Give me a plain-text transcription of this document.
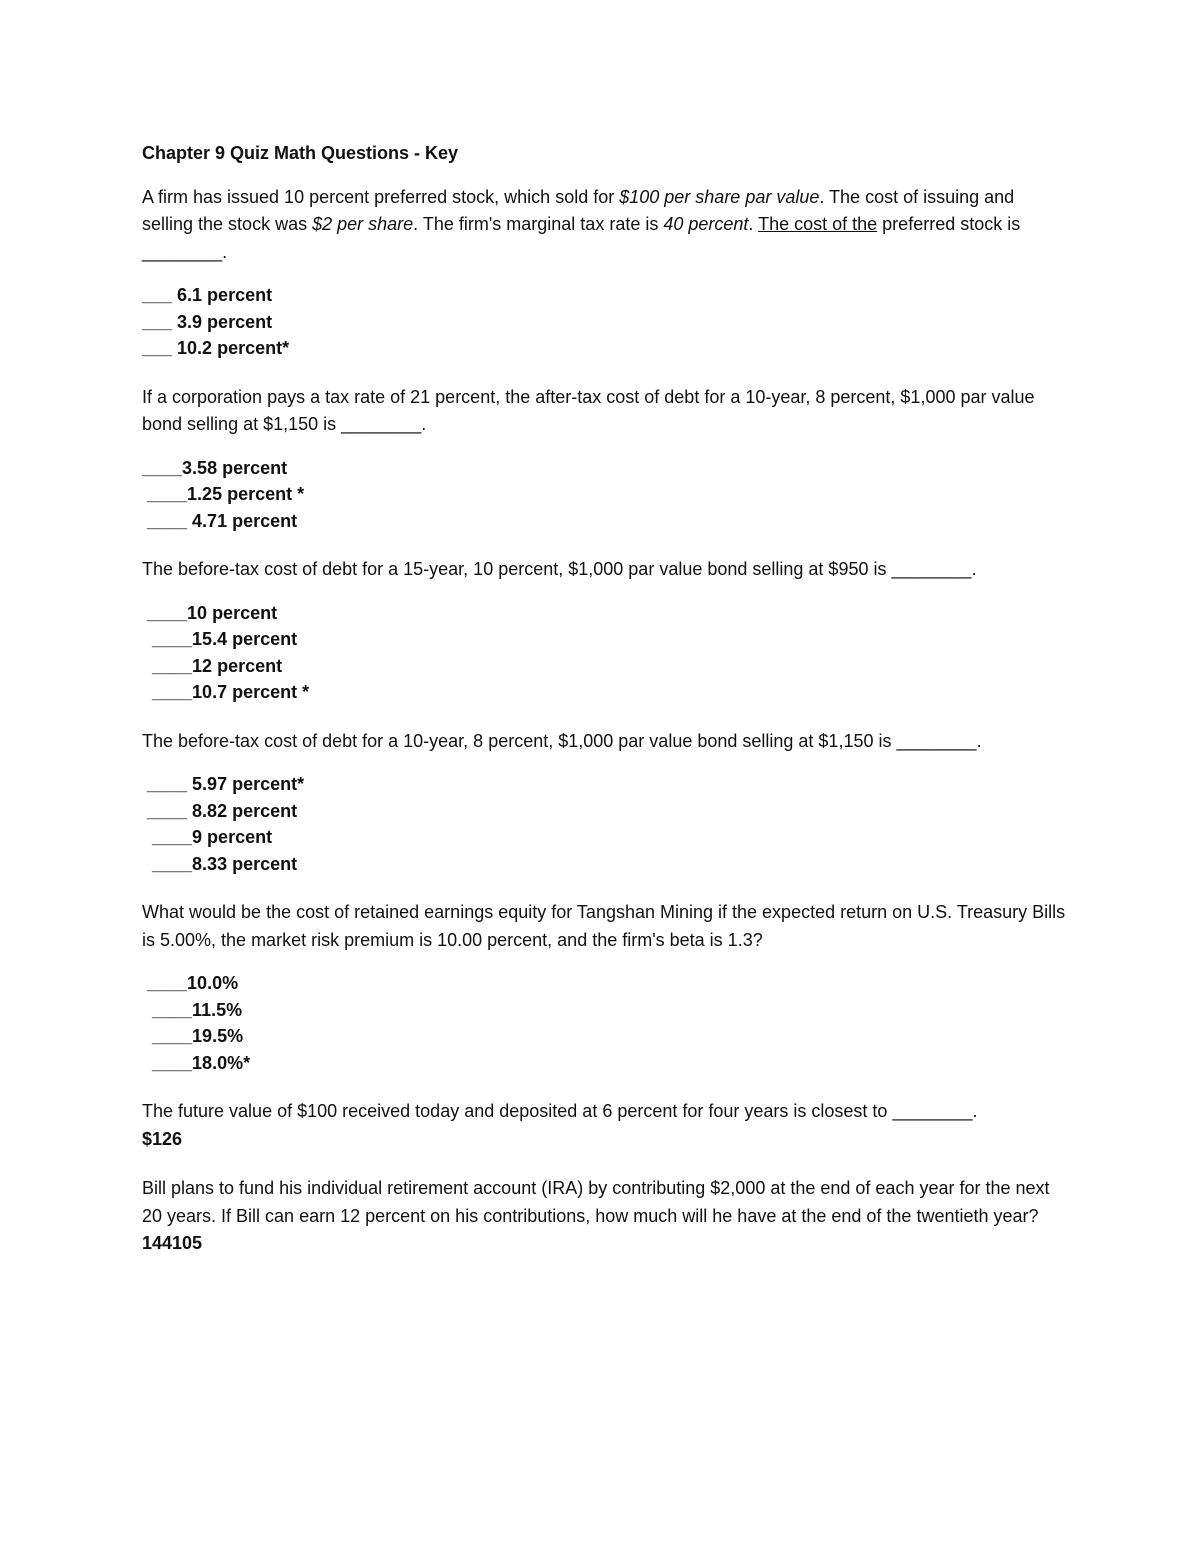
Chapter 9 Quiz Math Questions - Key

A firm has issued 10 percent preferred stock, which sold for $100 per share par value. The cost of issuing and selling the stock was $2 per share. The firm's marginal tax rate is 40 percent. The cost of the preferred stock is ________.

___ 6.1 percent
___ 3.9 percent
___ 10.2 percent*

If a corporation pays a tax rate of 21 percent, the after-tax cost of debt for a 10-year, 8 percent, $1,000 par value bond selling at $1,150 is ________.

____3.58 percent
____1.25 percent *
____ 4.71 percent

The before-tax cost of debt for a 15-year, 10 percent, $1,000 par value bond selling at $950 is ________.

____10 percent
____15.4 percent
____12 percent
____10.7 percent *

The before-tax cost of debt for a 10-year, 8 percent, $1,000 par value bond selling at $1,150 is ________.

____ 5.97 percent*
____ 8.82 percent
____9 percent
____8.33 percent

What would be the cost of retained earnings equity for Tangshan Mining if the expected return on U.S. Treasury Bills is 5.00%, the market risk premium is 10.00 percent, and the firm's beta is 1.3?

____10.0%
____11.5%
____19.5%
____18.0%*

The future value of $100 received today and deposited at 6 percent for four years is closest to ________.

$126

Bill plans to fund his individual retirement account (IRA) by contributing $2,000 at the end of each year for the next 20 years. If Bill can earn 12 percent on his contributions, how much will he have at the end of the twentieth year?

144105
